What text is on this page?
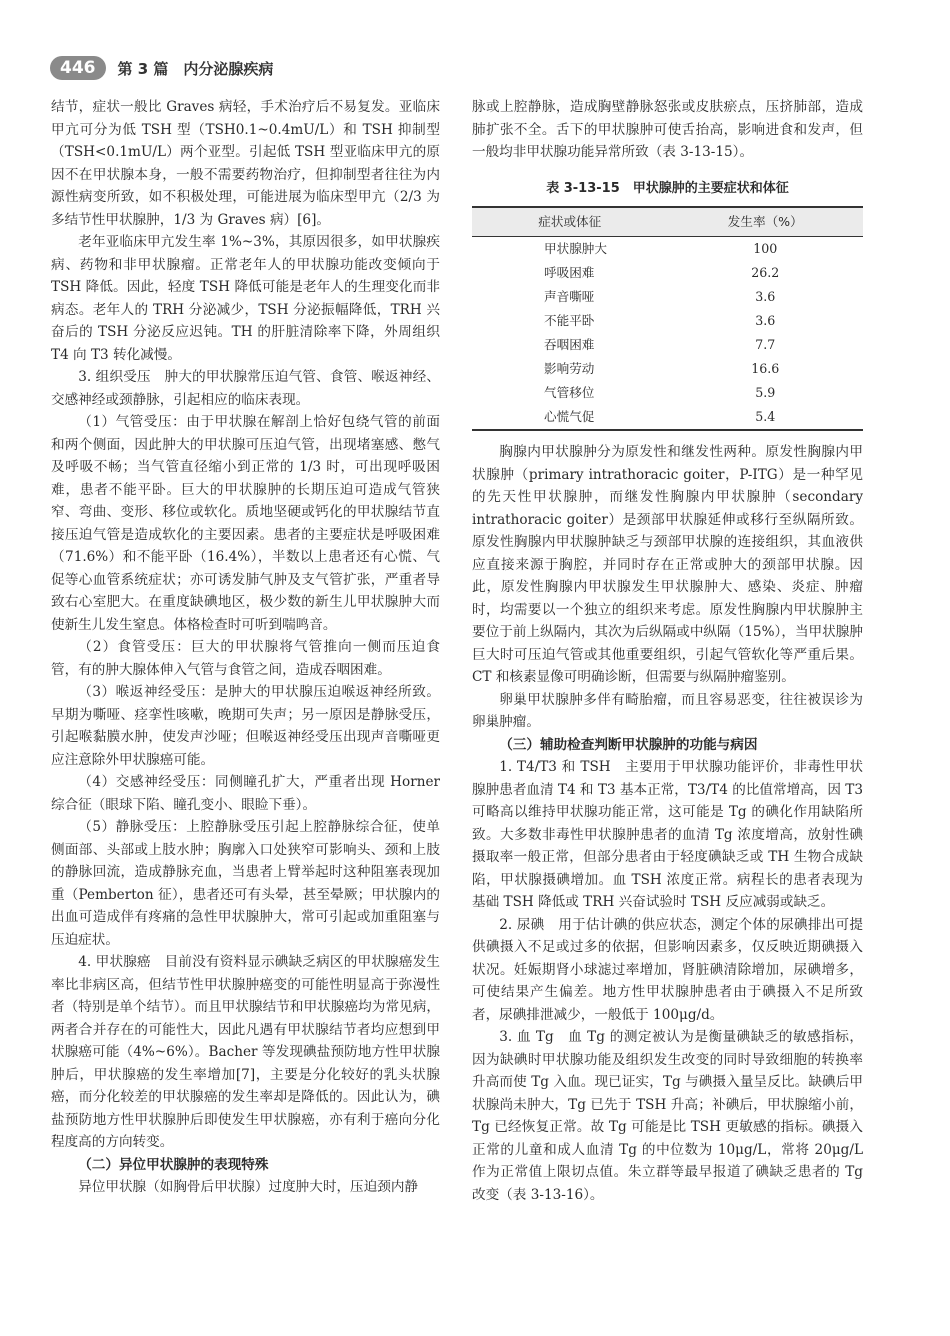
446	第 3 篇　内分泌腺疾病

结节，症状一般比 Graves 病轻，手术治疗后不易复发。亚临床甲亢可分为低 TSH 型（TSH0.1~0.4mU/L）和 TSH 抑制型（TSH<0.1mU/L）两个亚型。引起低 TSH 型亚临床甲亢的原因不在甲状腺本身，一般不需要药物治疗，但抑制型者往往为内源性病变所致，如不积极处理，可能进展为临床型甲亢（2/3 为多结节性甲状腺肿，1/3 为 Graves 病）[6]。

老年亚临床甲亢发生率 1%~3%，其原因很多，如甲状腺疾病、药物和非甲状腺瘤。正常老年人的甲状腺功能改变倾向于 TSH 降低。因此，轻度 TSH 降低可能是老年人的生理变化而非病态。老年人的 TRH 分泌减少，TSH 分泌振幅降低，TRH 兴奋后的 TSH 分泌反应迟钝。TH 的肝脏清除率下降，外周组织 T4 向 T3 转化减慢。

3. 组织受压　肿大的甲状腺常压迫气管、食管、喉返神经、交感神经或颈静脉，引起相应的临床表现。

（1）气管受压：由于甲状腺在解剖上恰好包绕气管的前面和两个侧面，因此肿大的甲状腺可压迫气管，出现堵塞感、憋气及呼吸不畅；当气管直径缩小到正常的 1/3 时，可出现呼吸困难，患者不能平卧。巨大的甲状腺肿的长期压迫可造成气管狭窄、弯曲、变形、移位或软化。质地坚硬或钙化的甲状腺结节直接压迫气管是造成软化的主要因素。患者的主要症状是呼吸困难（71.6%）和不能平卧（16.4%），半数以上患者还有心慌、气促等心血管系统症状；亦可诱发肺气肿及支气管扩张，严重者导致右心室肥大。在重度缺碘地区，极少数的新生儿甲状腺肿大而使新生儿发生窒息。体格检查时可听到喘鸣音。

（2）食管受压：巨大的甲状腺将气管推向一侧而压迫食管，有的肿大腺体伸入气管与食管之间，造成吞咽困难。

（3）喉返神经受压：是肿大的甲状腺压迫喉返神经所致。早期为嘶哑、痉挛性咳嗽，晚期可失声；另一原因是静脉受压，引起喉黏膜水肿，使发声沙哑；但喉返神经受压出现声音嘶哑更应注意除外甲状腺癌可能。

（4）交感神经受压：同侧瞳孔扩大，严重者出现 Horner 综合征（眼球下陷、瞳孔变小、眼睑下垂）。

（5）静脉受压：上腔静脉受压引起上腔静脉综合征，使单侧面部、头部或上肢水肿；胸廓入口处狭窄可影响头、颈和上肢的静脉回流，造成静脉充血，当患者上臂举起时这种阻塞表现加重（Pemberton 征），患者还可有头晕，甚至晕厥；甲状腺内的出血可造成伴有疼痛的急性甲状腺肿大，常可引起或加重阻塞与压迫症状。

4. 甲状腺癌　目前没有资料显示碘缺乏病区的甲状腺癌发生率比非病区高，但结节性甲状腺肿癌变的可能性明显高于弥漫性者（特别是单个结节）。而且甲状腺结节和甲状腺癌均为常见病，两者合并存在的可能性大，因此凡遇有甲状腺结节者均应想到甲状腺癌可能（4%~6%）。Bacher 等发现碘盐预防地方性甲状腺肿后，甲状腺癌的发生率增加[7]，主要是分化较好的乳头状腺癌，而分化较差的甲状腺癌的发生率却是降低的。因此认为，碘盐预防地方性甲状腺肿后即使发生甲状腺癌，亦有利于癌向分化程度高的方向转变。

（二）异位甲状腺肿的表现特殊

异位甲状腺（如胸骨后甲状腺）过度肿大时，压迫颈内静

脉或上腔静脉，造成胸壁静脉怒张或皮肤瘀点，压挤肺部，造成肺扩张不全。舌下的甲状腺肿可使舌抬高，影响进食和发声，但一般均非甲状腺功能异常所致（表 3-13-15）。

表 3-13-15　甲状腺肿的主要症状和体征
症状或体征	发生率（%）
甲状腺肿大	100
呼吸困难	26.2
声音嘶哑	3.6
不能平卧	3.6
吞咽困难	7.7
影响劳动	16.6
气管移位	5.9
心慌气促	5.4

胸腺内甲状腺肿分为原发性和继发性两种。原发性胸腺内甲状腺肿（primary intrathoracic goiter，P-ITG）是一种罕见的先天性甲状腺肿，而继发性胸腺内甲状腺肿（secondary intrathoracic goiter）是颈部甲状腺延伸或移行至纵隔所致。原发性胸腺内甲状腺肿缺乏与颈部甲状腺的连接组织，其血液供应直接来源于胸腔，并同时存在正常或肿大的颈部甲状腺。因此，原发性胸腺内甲状腺发生甲状腺肿大、感染、炎症、肿瘤时，均需要以一个独立的组织来考虑。原发性胸腺内甲状腺肿主要位于前上纵隔内，其次为后纵隔或中纵隔（15%），当甲状腺肿巨大时可压迫气管或其他重要组织，引起气管软化等严重后果。CT 和核素显像可明确诊断，但需要与纵隔肿瘤鉴别。

卵巢甲状腺肿多伴有畸胎瘤，而且容易恶变，往往被误诊为卵巢肿瘤。

（三）辅助检查判断甲状腺肿的功能与病因

1. T4/T3 和 TSH　主要用于甲状腺功能评价，非毒性甲状腺肿患者血清 T4 和 T3 基本正常，T3/T4 的比值常增高，因 T3 可略高以维持甲状腺功能正常，这可能是 Tg 的碘化作用缺陷所致。大多数非毒性甲状腺肿患者的血清 Tg 浓度增高，放射性碘摄取率一般正常，但部分患者由于轻度碘缺乏或 TH 生物合成缺陷，甲状腺摄碘增加。血 TSH 浓度正常。病程长的患者表现为基础 TSH 降低或 TRH 兴奋试验时 TSH 反应减弱或缺乏。

2. 尿碘　用于估计碘的供应状态，测定个体的尿碘排出可提供碘摄入不足或过多的依据，但影响因素多，仅反映近期碘摄入状况。妊娠期肾小球滤过率增加，肾脏碘清除增加，尿碘增多，可使结果产生偏差。地方性甲状腺肿患者由于碘摄入不足所致者，尿碘排泄减少，一般低于 100μg/d。

3. 血 Tg　血 Tg 的测定被认为是衡量碘缺乏的敏感指标，因为缺碘时甲状腺功能及组织发生改变的同时导致细胞的转换率升高而使 Tg 入血。现已证实，Tg 与碘摄入量呈反比。缺碘后甲状腺尚未肿大，Tg 已先于 TSH 升高；补碘后，甲状腺缩小前，Tg 已经恢复正常。故 Tg 可能是比 TSH 更敏感的指标。碘摄入正常的儿童和成人血清 Tg 的中位数为 10μg/L，常将 20μg/L 作为正常值上限切点值。朱立群等最早报道了碘缺乏患者的 Tg 改变（表 3-13-16）。
